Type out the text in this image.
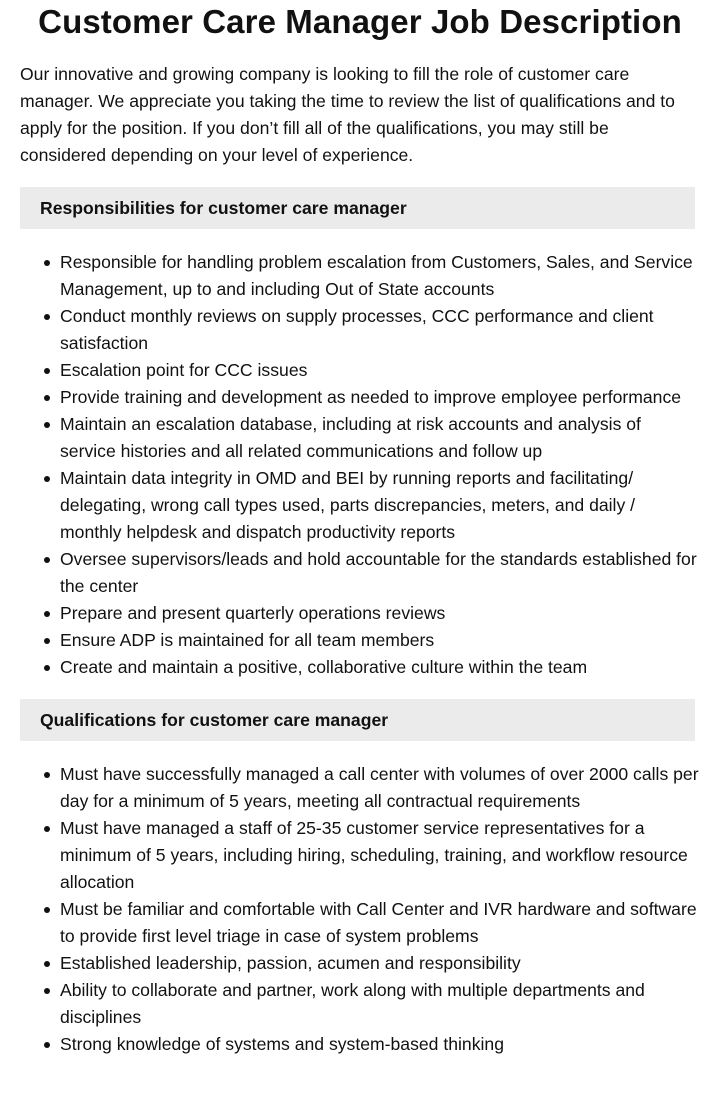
Customer Care Manager Job Description

Our innovative and growing company is looking to fill the role of customer care manager. We appreciate you taking the time to review the list of qualifications and to apply for the position. If you don’t fill all of the qualifications, you may still be considered depending on your level of experience.

Responsibilities for customer care manager
Responsible for handling problem escalation from Customers, Sales, and Service Management, up to and including Out of State accounts
Conduct monthly reviews on supply processes, CCC performance and client satisfaction
Escalation point for CCC issues
Provide training and development as needed to improve employee performance
Maintain an escalation database, including at risk accounts and analysis of service histories and all related communications and follow up
Maintain data integrity in OMD and BEI by running reports and facilitating/ delegating, wrong call types used, parts discrepancies, meters, and daily / monthly helpdesk and dispatch productivity reports
Oversee supervisors/leads and hold accountable for the standards established for the center
Prepare and present quarterly operations reviews
Ensure ADP is maintained for all team members
Create and maintain a positive, collaborative culture within the team
Qualifications for customer care manager
Must have successfully managed a call center with volumes of over 2000 calls per day for a minimum of 5 years, meeting all contractual requirements
Must have managed a staff of 25-35 customer service representatives for a minimum of 5 years, including hiring, scheduling, training, and workflow resource allocation
Must be familiar and comfortable with Call Center and IVR hardware and software to provide first level triage in case of system problems
Established leadership, passion, acumen and responsibility
Ability to collaborate and partner, work along with multiple departments and disciplines
Strong knowledge of systems and system-based thinking
